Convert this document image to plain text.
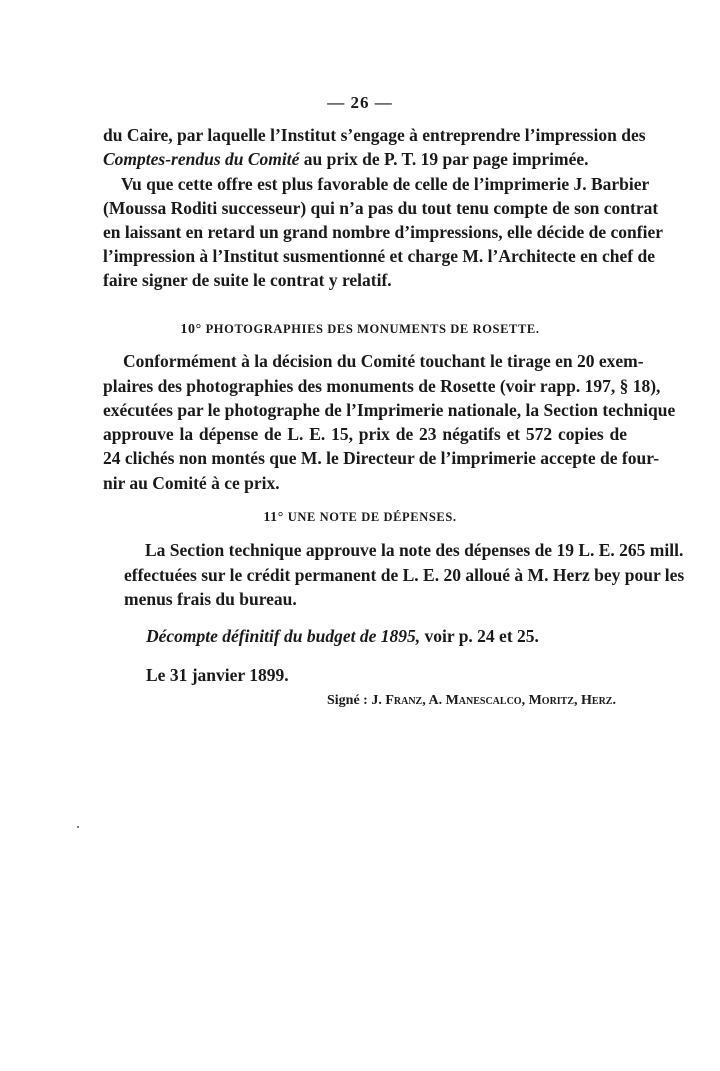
— 26 —
du Caire, par laquelle l’Institut s’engage à entreprendre l’impression des
Comptes-rendus du Comité au prix de P. T. 19 par page imprimée.
Vu que cette offre est plus favorable de celle de l’imprimerie J. Barbier
(Moussa Roditi successeur) qui n’a pas du tout tenu compte de son contrat
en laissant en retard un grand nombre d’impressions, elle décide de confier
l’impression à l’Institut susmentionné et charge M. l’Architecte en chef de
faire signer de suite le contrat y relatif.
10° PHOTOGRAPHIES DES MONUMENTS DE ROSETTE.
Conformément à la décision du Comité touchant le tirage en 20 exem-
plaires des photographies des monuments de Rosette (voir rapp. 197, § 18),
exécutées par le photographe de l’Imprimerie nationale, la Section technique
approuve la dépense de L. E. 15, prix de 23 négatifs et 572 copies de
24 clichés non montés que M. le Directeur de l’imprimerie accepte de four-
nir au Comité à ce prix.
11° UNE NOTE DE DÉPENSES.
La Section technique approuve la note des dépenses de 19 L. E. 265 mill.
effectuées sur le crédit permanent de L. E. 20 alloué à M. Herz bey pour les
menus frais du bureau.
Décompte définitif du budget de 1895, voir p. 24 et 25.
Le 31 janvier 1899.
Signé : J. Franz, A. Manescalco, Moritz, Herz.
